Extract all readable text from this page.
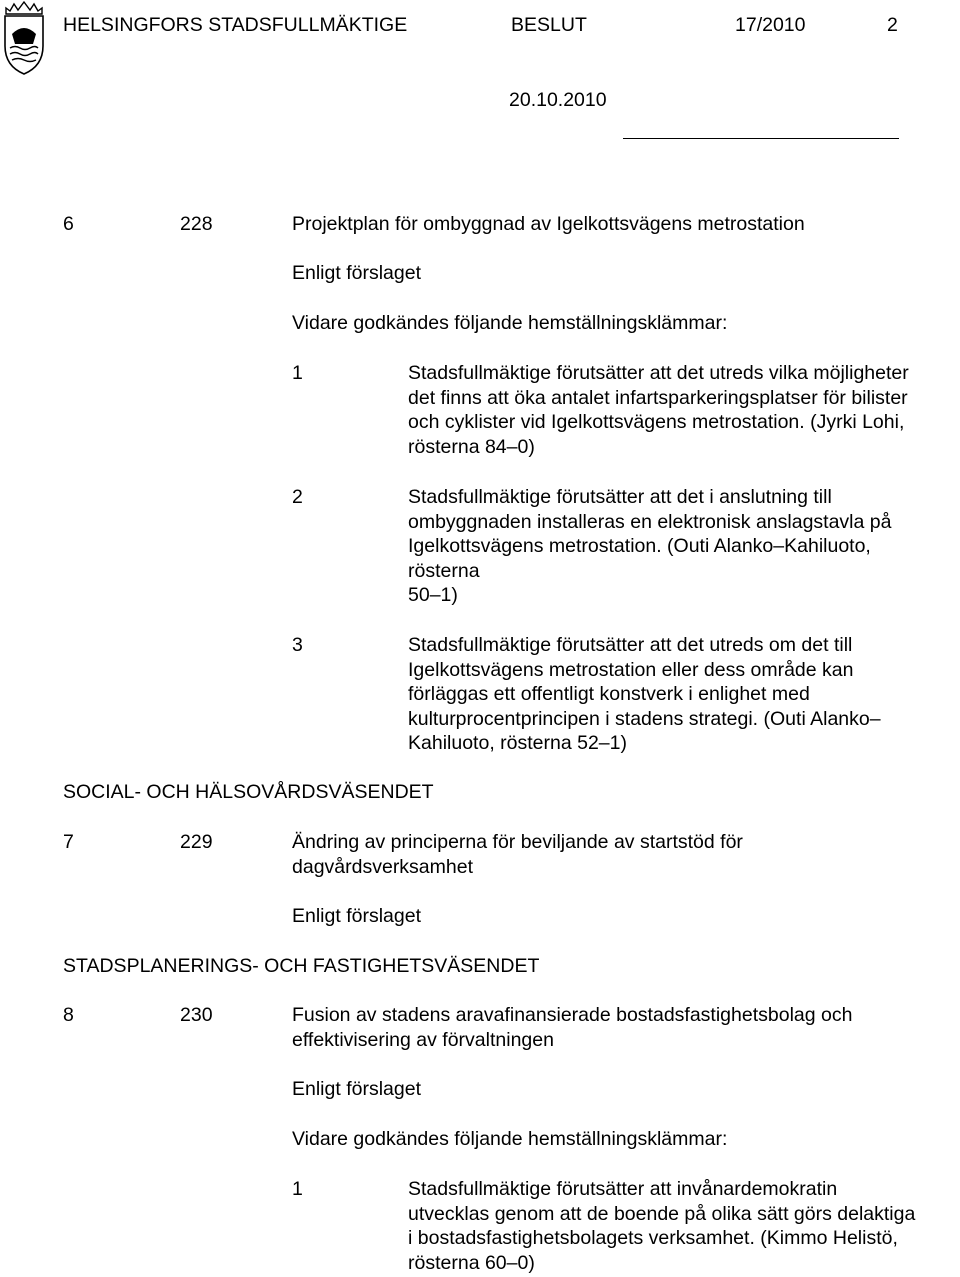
HELSINGFORS STADSFULLMÄKTIGE	BESLUT	17/2010	2
20.10.2010
6	228	Projektplan för ombyggnad av Igelkottsvägens metrostation
Enligt förslaget
Vidare godkändes följande hemställningsklämmar:
1	Stadsfullmäktige förutsätter att det utreds vilka möjligheter
det finns att öka antalet infartsparkeringsplatser för bilister
och cyklister vid Igelkottsvägens metrostation. (Jyrki Lohi,
rösterna 84–0)
2	Stadsfullmäktige förutsätter att det i anslutning till
ombyggnaden installeras en elektronisk anslagstavla på
Igelkottsvägens metrostation. (Outi Alanko–Kahiluoto,
rösterna
50–1)
3	Stadsfullmäktige förutsätter att det utreds om det till
Igelkottsvägens metrostation eller dess område kan
förläggas ett offentligt konstverk i enlighet med
kulturprocentprincipen i stadens strategi. (Outi Alanko–
Kahiluoto, rösterna 52–1)
SOCIAL- OCH HÄLSOVÅRDSVÄSENDET
7	229	Ändring av principerna för beviljande av startstöd för
dagvårdsverksamhet
Enligt förslaget
STADSPLANERINGS- OCH FASTIGHETSVÄSENDET
8	230	Fusion av stadens aravafinansierade bostadsfastighetsbolag och
effektivisering av förvaltningen
Enligt förslaget
Vidare godkändes följande hemställningsklämmar:
1	Stadsfullmäktige förutsätter att invånardemokratin
utvecklas genom att de boende på olika sätt görs delaktiga
i bostadsfastighetsbolagets verksamhet. (Kimmo Helistö,
rösterna 60–0)
